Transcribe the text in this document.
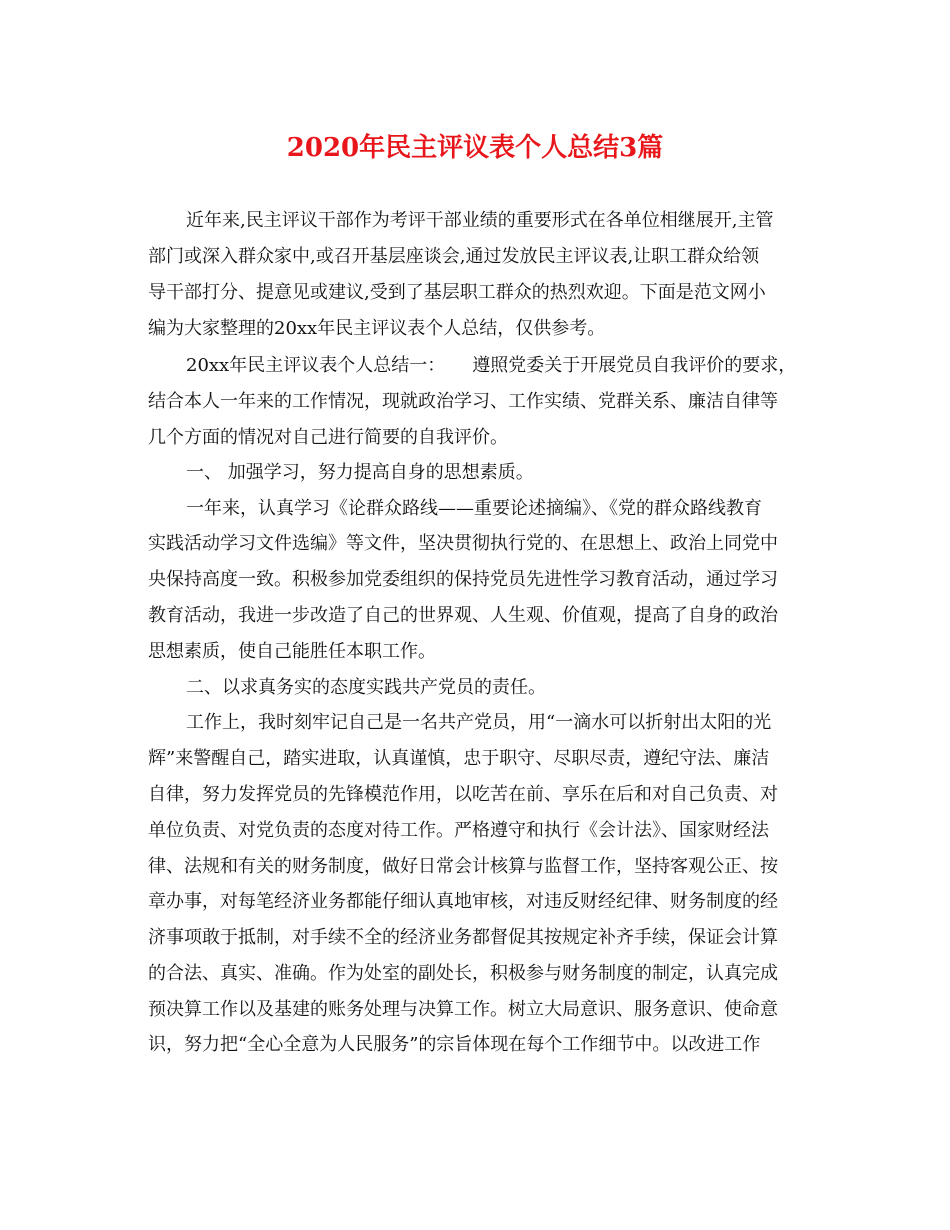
2020年民主评议表个人总结3篇

近年来,民主评议干部作为考评干部业绩的重要形式在各单位相继展开,主管

部门或深入群众家中,或召开基层座谈会,通过发放民主评议表,让职工群众给领

导干部打分、提意见或建议,受到了基层职工群众的热烈欢迎。下面是范文网小

编为大家整理的20xx年民主评议表个人总结，仅供参考。

20xx年民主评议表个人总结一：　　遵照党委关于开展党员自我评价的要求，

结合本人一年来的工作情况，现就政治学习、工作实绩、党群关系、廉洁自律等

几个方面的情况对自己进行简要的自我评价。

一、 加强学习，努力提高自身的思想素质。

一年来，认真学习《论群众路线——重要论述摘编》、《党的群众路线教育

实践活动学习文件选编》等文件，坚决贯彻执行党的、在思想上、政治上同党中

央保持高度一致。积极参加党委组织的保持党员先进性学习教育活动，通过学习

教育活动，我进一步改造了自己的世界观、人生观、价值观，提高了自身的政治

思想素质，使自己能胜任本职工作。

二、以求真务实的态度实践共产党员的责任。

工作上，我时刻牢记自己是一名共产党员，用“一滴水可以折射出太阳的光

辉”来警醒自己，踏实进取，认真谨慎，忠于职守、尽职尽责，遵纪守法、廉洁

自律，努力发挥党员的先锋模范作用，以吃苦在前、享乐在后和对自己负责、对

单位负责、对党负责的态度对待工作。严格遵守和执行《会计法》、国家财经法

律、法规和有关的财务制度，做好日常会计核算与监督工作，坚持客观公正、按

章办事，对每笔经济业务都能仔细认真地审核，对违反财经纪律、财务制度的经

济事项敢于抵制，对手续不全的经济业务都督促其按规定补齐手续，保证会计算

的合法、真实、准确。作为处室的副处长，积极参与财务制度的制定，认真完成

预决算工作以及基建的账务处理与决算工作。树立大局意识、服务意识、使命意

识，努力把“全心全意为人民服务”的宗旨体现在每个工作细节中。以改进工作
